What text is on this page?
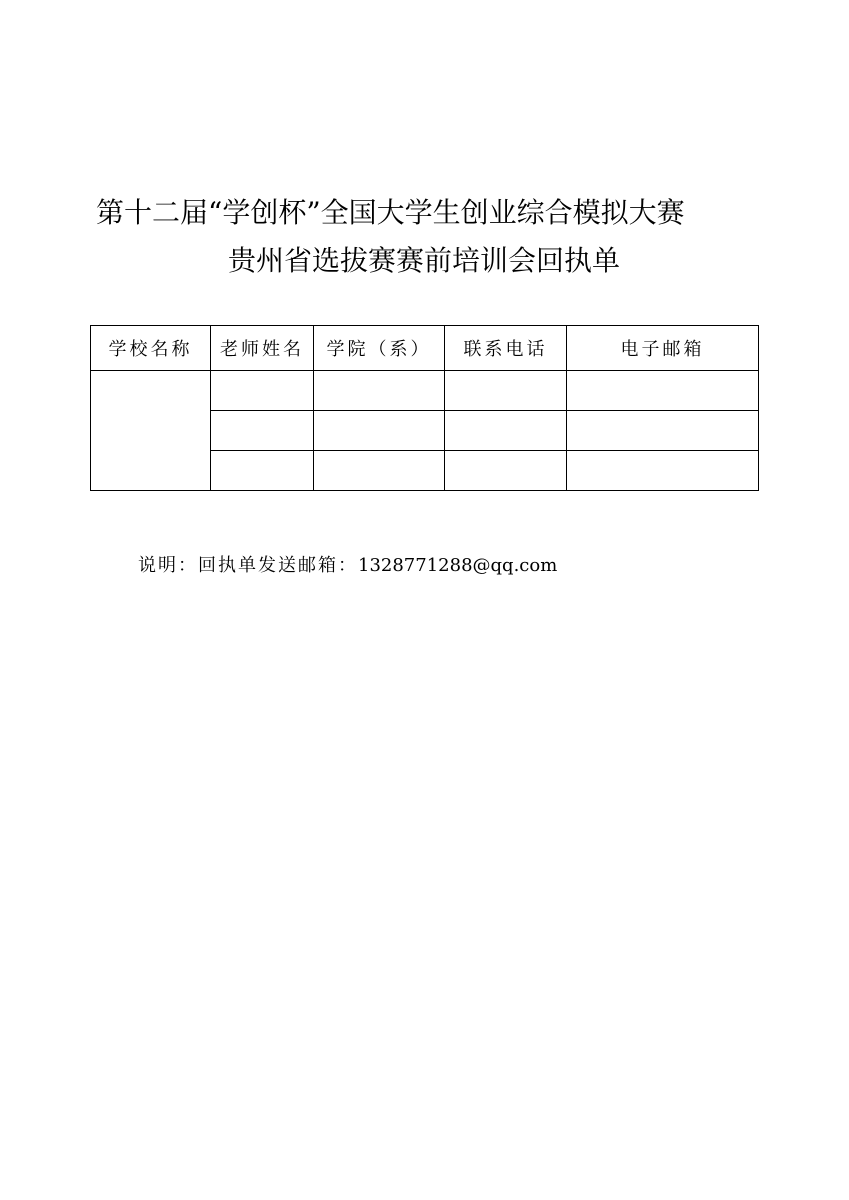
第十二届“学创杯”全国大学生创业综合模拟大赛
贵州省选拔赛赛前培训会回执单
学校名称	老师姓名	学院（系）	联系电话	电子邮箱

说明：回执单发送邮箱：1328771288@qq.com
